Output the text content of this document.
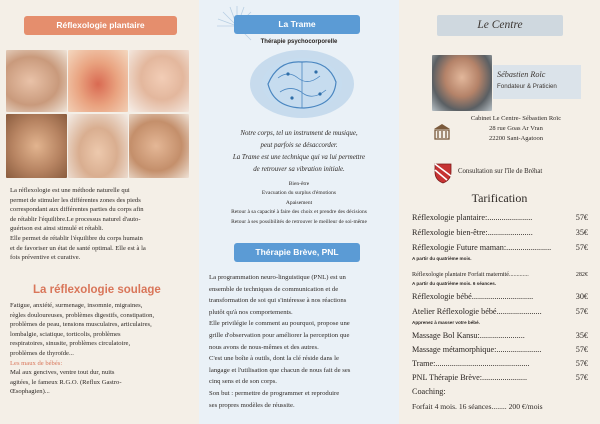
Réflexologie plantaire
La réflexologie est une méthode naturelle qui
permet de stimuler les différentes zones des pieds
correspondant aux différentes parties du corps afin
de rétablir l'équilibre.Le processus naturel d'auto-
guérison est ainsi stimulé et rétabli.
Elle permet de rétablir l'équilibre du corps humain
et de favoriser un état de santé optimal. Elle est à la
fois préventive et curative.
La réflexologie soulage
Fatigue, anxiété, surmenage, insomnie, migraines,
règles douloureuses, problèmes digestifs, constipation,
problèmes de peau, tensions musculaires, articulaires,
lombalgie, sciatique, torticolis, problèmes
respiratoires, sinusite, problèmes circulatoire,
problèmes de thyroïde...
Les maux de bébés:
Mal aux gencives, ventre tout dur, nuits
agitées, le fameux R.G.O. (Reflux Gastro-
Œsophagien)...
La Trame
Thérapie psychocorporelle
Notre corps, tel un instrument de musique,
peut parfois se désaccorder.
La Trame est une technique qui va lui permettre
de retrouver sa vibration initiale.
Bien-être
Evacuation du surplus d'émotions
Apaisement
Retour à sa capacité à faire des choix et prendre des décisions
Retour à ses possibilités de retrouver le meilleur de soi-même
Thérapie Brève, PNL
La programmation neuro-linguistique (PNL) est un
ensemble de techniques de communication et de
transformation de soi qui s'intéresse à nos réactions
plutôt qu'à nos comportements.
Elle privilégie le comment au pourquoi, propose une
grille d'observation pour améliorer la perception que
nous avons de nous-mêmes et des autres.
C'est une boîte à outils, dont la clé réside dans le
langage et l'utilisation que chacun de nous fait de ses
cinq sens et de son corps.
Son but : permettre de programmer et reproduire
ses propres modèles de réussite.
Le Centre
Sébastien Roïc
Fondateur & Praticien
Cabinet Le Centre- Sébastien Roïc
28 rue Goas Ar Vran
22200 Sant-Agatoon
Consultation sur l'île de Bréhat
Tarification
Réflexologie plantaire:......................	57€
Réflexologie bien-être:......................	35€
Réflexologie Future maman:......................	57€
A partir du quatrième mois.
Réflexologie plantaire Forfait maternité.............	282€
A partir du quatrième mois. 6 séances.
Réflexologie bébé..............................	30€
Atelier Réflexologie bébé......................	57€
Apprenez à masser votre bébé.
Massage Bol Kansu:......................	35€
Massage métamorphique:......................	57€
Trame:..............................................	57€
PNL Thérapie Brève:......................	57€
Coaching:
Forfait 4 mois. 16 séances........ 200 €/mois
